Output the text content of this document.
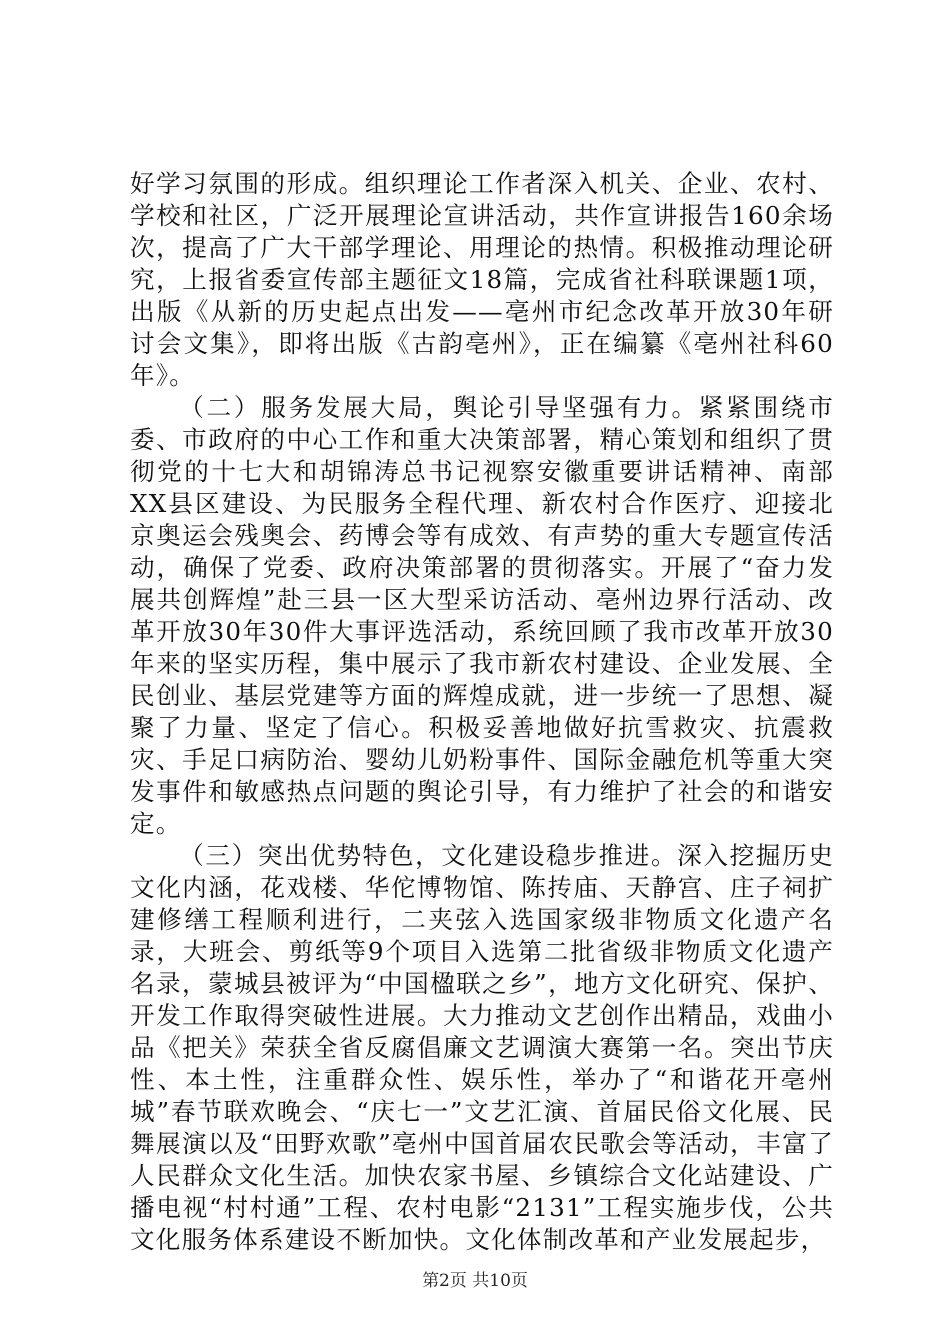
好学习氛围的形成。组织理论工作者深入机关、企业、农村、学校和社区，广泛开展理论宣讲活动，共作宣讲报告160余场次，提高了广大干部学理论、用理论的热情。积极推动理论研究，上报省委宣传部主题征文18篇，完成省社科联课题1项，出版《从新的历史起点出发——亳州市纪念改革开放30年研讨会文集》，即将出版《古韵亳州》，正在编纂《亳州社科60年》。

（二）服务发展大局，舆论引导坚强有力。紧紧围绕市委、市政府的中心工作和重大决策部署，精心策划和组织了贯彻党的十七大和胡锦涛总书记视察安徽重要讲话精神、南部XX县区建设、为民服务全程代理、新农村合作医疗、迎接北京奥运会残奥会、药博会等有成效、有声势的重大专题宣传活动，确保了党委、政府决策部署的贯彻落实。开展了“奋力发展共创辉煌”赴三县一区大型采访活动、亳州边界行活动、改革开放30年30件大事评选活动，系统回顾了我市改革开放30年来的坚实历程，集中展示了我市新农村建设、企业发展、全民创业、基层党建等方面的辉煌成就，进一步统一了思想、凝聚了力量、坚定了信心。积极妥善地做好抗雪救灾、抗震救灾、手足口病防治、婴幼儿奶粉事件、国际金融危机等重大突发事件和敏感热点问题的舆论引导，有力维护了社会的和谐安定。

（三）突出优势特色，文化建设稳步推进。深入挖掘历史文化内涵，花戏楼、华佗博物馆、陈抟庙、天静宫、庄子祠扩建修缮工程顺利进行，二夹弦入选国家级非物质文化遗产名录，大班会、剪纸等9个项目入选第二批省级非物质文化遗产名录，蒙城县被评为“中国楹联之乡”，地方文化研究、保护、开发工作取得突破性进展。大力推动文艺创作出精品，戏曲小品《把关》荣获全省反腐倡廉文艺调演大赛第一名。突出节庆性、本土性，注重群众性、娱乐性，举办了“和谐花开亳州城”春节联欢晚会、“庆七一”文艺汇演、首届民俗文化展、民舞展演以及“田野欢歌”亳州中国首届农民歌会等活动，丰富了人民群众文化生活。加快农家书屋、乡镇综合文化站建设、广播电视“村村通”工程、农村电影“2131”工程实施步伐，公共文化服务体系建设不断加快。文化体制改革和产业发展起步，

第2页 共10页
